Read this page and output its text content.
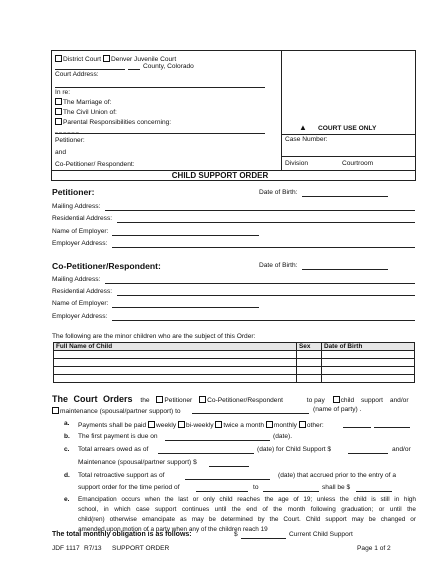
District Court Denver Juvenile Court
County, Colorado
Court Address:
In re:
The Marriage of:
The Civil Union of:
Parental Responsibilities concerning:
_ _ _ _ _ _
Petitioner:
and
Co-Petitioner/ Respondent:
▲ COURT USE ONLY
Case Number:
Division	Courtroom
CHILD SUPPORT ORDER
Petitioner:	Date of Birth:
Mailing Address:
Residential Address:
Name of Employer:
Employer Address:
Co-Petitioner/Respondent:	Date of Birth:
Mailing Address:
Residential Address:
Name of Employer:
Employer Address:
The following are the minor children who are the subject of this Order:
Full Name of Child	Sex	Date of Birth

The Court Orders the Petitioner Co-Petitioner/Respondent	to pay child support and/or
maintenance (spousal/partner support) to	(name of party) .
a. Payments shall be paid weekly bi-weekly twice a month monthly other:
b. The first payment is due on	(date).
c. Total arrears owed as of	(date) for Child Support $	and/or
Maintenance (spousal/partner support) $
d. Total retroactive support as of	(date) that accrued prior to the entry of a
support order for the time period of	to	shall be $
e. Emancipation occurs when the last or only child reaches the age of 19; unless the child is still in high
school, in which case support continues until the end of the month following graduation; or until the
child(ren) otherwise emancipate as may be determined by the Court. Child support may be changed or
amended upon motion of a party when any of the children reach 19
The total monthly obligation is as follows:	$	Current Child Support
JDF 1117 R7/13 SUPPORT ORDER	Page 1 of 2
